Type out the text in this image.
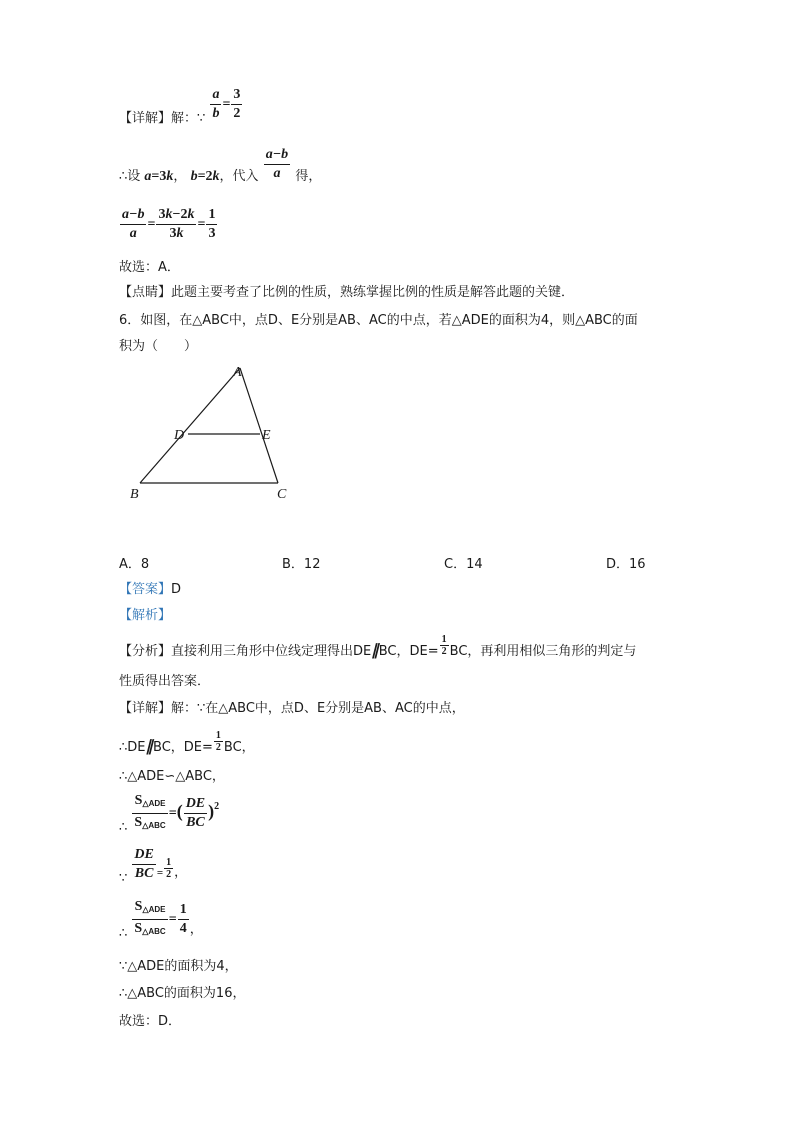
【详解】解：∵ $\frac{a}{b} = \frac{3}{2}$
∴设 a=3k， b=2k，代入 $\frac{a-b}{a}$ 得，
$\frac{a-b}{a} = \frac{3k-2k}{3k} = \frac{1}{3}$
故选：A．
【点睛】此题主要考查了比例的性质，熟练掌握比例的性质是解答此题的关键．
6．如图，在△ABC中，点D、E分别是AB、AC的中点，若△ADE的面积为4，则△ABC的面
积为（　　）
A
D	E
B	C
A．8	B．12	C．14	D．16
【答案】D
【解析】
【分析】直接利用三角形中位线定理得出DE∥BC，$DE= \frac{1}{2}$ BC，再利用相似三角形的判定与
性质得出答案．
【详解】解：∵在△ABC中，点D、E分别是AB、AC的中点，
∴DE∥BC，$DE= \frac{1}{2}$ BC，
∴△ADE∽△ABC，
∴ $\frac{S_{\triangle ADE}}{S_{\triangle ABC}}$ =( $\frac{DE}{BC} )^2$
∵ $\frac{DE}{BC} _= \frac{1}{2}$ ，
∴ $\frac{S_{\triangle ADE}}{S_{\triangle ABC}} = \frac{1}{4}$ ，
∵△ADE的面积为4，
∴△ABC的面积为16，
故选：D．
